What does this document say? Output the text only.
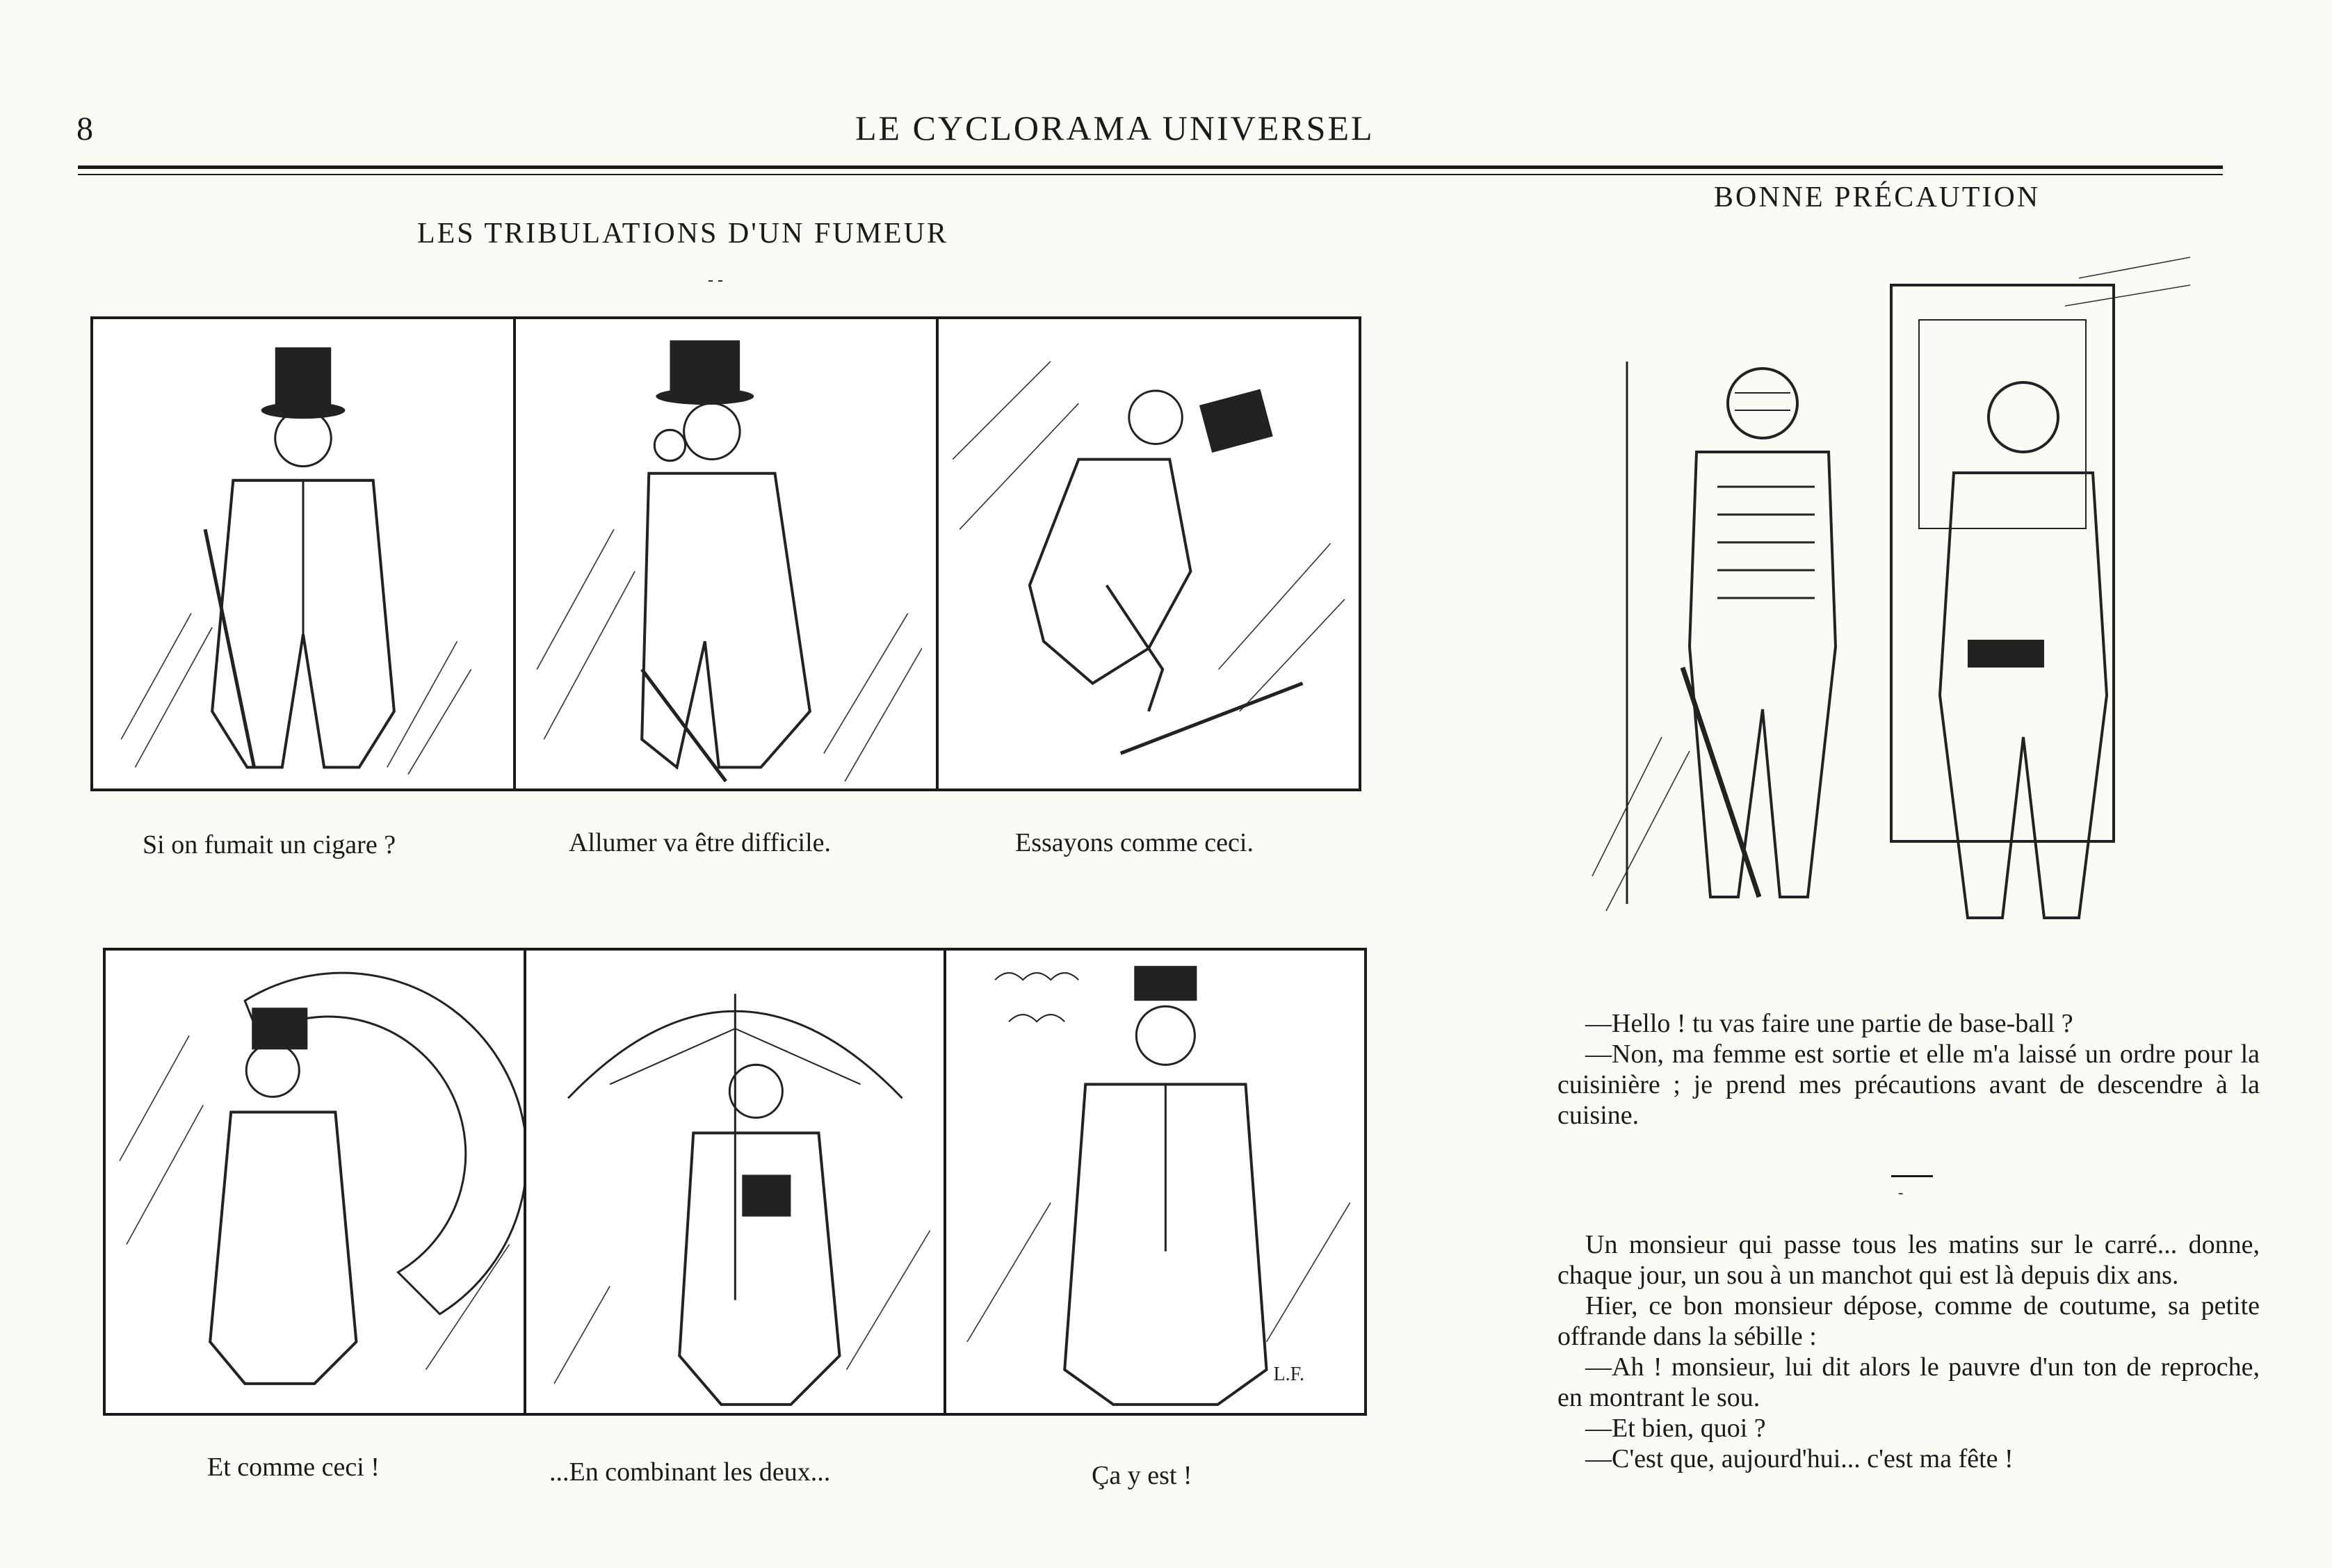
8	LE CYCLORAMA UNIVERSEL
LES TRIBULATIONS D'UN FUMEUR
- -
Si on fumait un cigare ?	Allumer va être difficile.	Essayons comme ceci.
L.F.
Et comme ceci !	...En combinant les deux...	Ça y est !
BONNE PRÉCAUTION

—Hello ! tu vas faire une partie de base-ball ?

—Non, ma femme est sortie et elle m'a laissé un ordre pour la cuisinière ; je prend mes précautions avant de descendre à la cuisine.

-

Un monsieur qui passe tous les matins sur le carré... donne, chaque jour, un sou à un manchot qui est là depuis dix ans.

Hier, ce bon monsieur dépose, comme de coutume, sa petite offrande dans la sébille :

—Ah ! monsieur, lui dit alors le pauvre d'un ton de reproche, en montrant le sou.

—Et bien, quoi ?

—C'est que, aujourd'hui... c'est ma fête !
